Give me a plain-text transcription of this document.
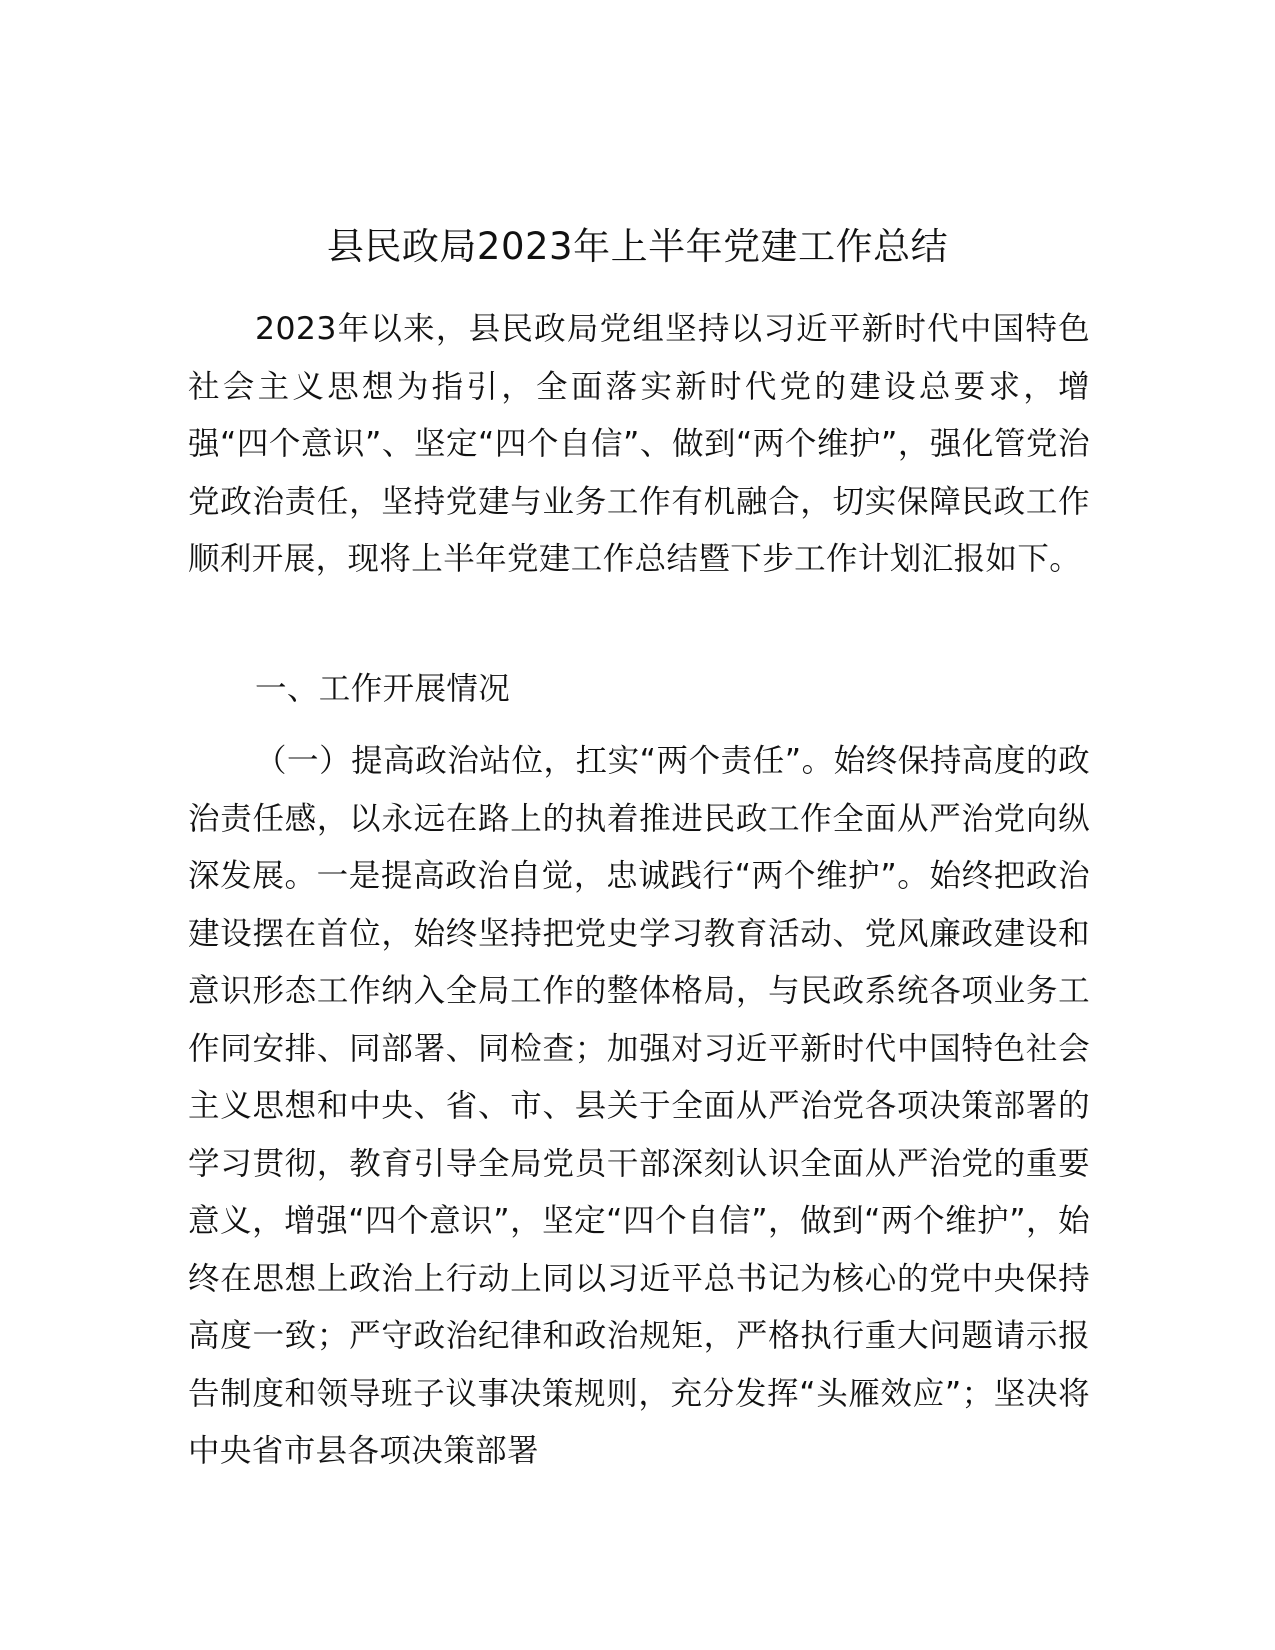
县民政局2023年上半年党建工作总结

2023年以来，县民政局党组坚持以习近平新时代中国特色社会主义思想为指引，全面落实新时代党的建设总要求，增强“四个意识”、坚定“四个自信”、做到“两个维护”，强化管党治党政治责任，坚持党建与业务工作有机融合，切实保障民政工作顺利开展，现将上半年党建工作总结暨下步工作计划汇报如下。

一、工作开展情况

（一）提高政治站位，扛实“两个责任”。始终保持高度的政治责任感，以永远在路上的执着推进民政工作全面从严治党向纵深发展。一是提高政治自觉，忠诚践行“两个维护”。始终把政治建设摆在首位，始终坚持把党史学习教育活动、党风廉政建设和意识形态工作纳入全局工作的整体格局，与民政系统各项业务工作同安排、同部署、同检查；加强对习近平新时代中国特色社会主义思想和中央、省、市、县关于全面从严治党各项决策部署的学习贯彻，教育引导全局党员干部深刻认识全面从严治党的重要意义，增强“四个意识”，坚定“四个自信”，做到“两个维护”，始终在思想上政治上行动上同以习近平总书记为核心的党中央保持高度一致；严守政治纪律和政治规矩，严格执行重大问题请示报告制度和领导班子议事决策规则，充分发挥“头雁效应”；坚决将中央省市县各项决策部署
